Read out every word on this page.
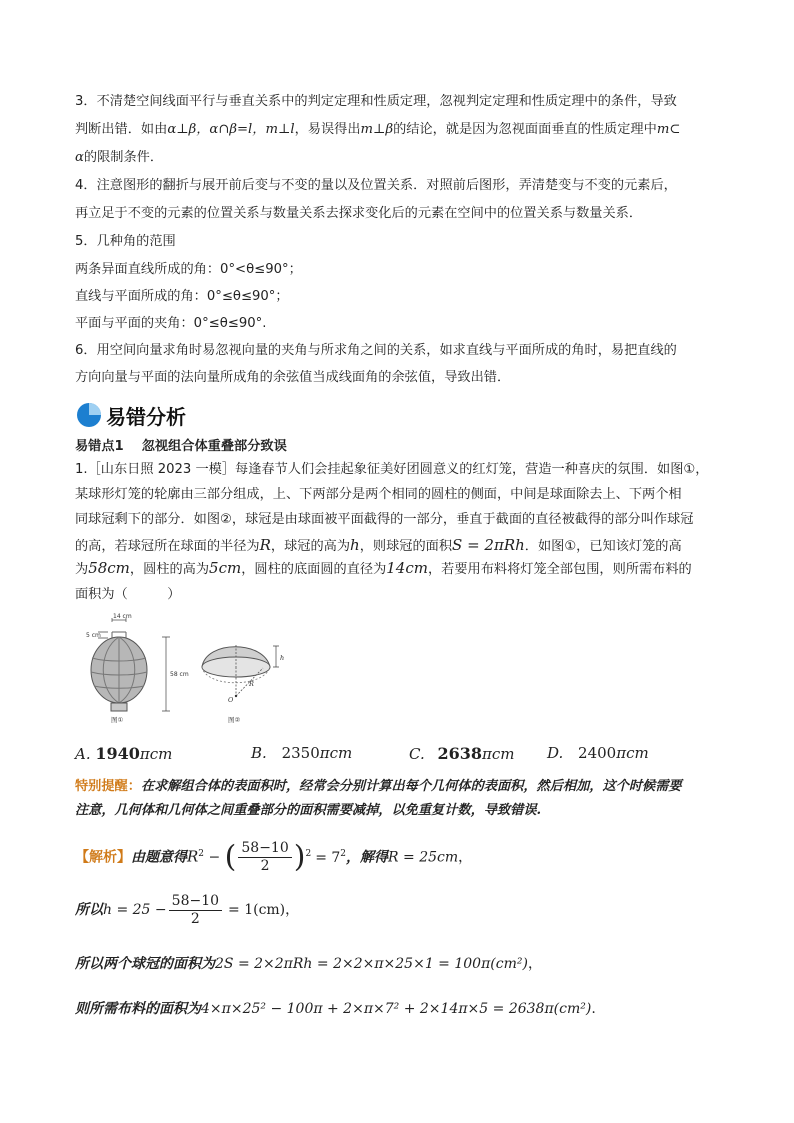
3．不清楚空间线面平行与垂直关系中的判定定理和性质定理，忽视判定定理和性质定理中的条件，导致
判断出错．如由α⊥β，α∩β=l，m⊥l，易误得出m⊥β的结论，就是因为忽视面面垂直的性质定理中m⊂
α的限制条件．
4．注意图形的翻折与展开前后变与不变的量以及位置关系．对照前后图形，弄清楚变与不变的元素后，
再立足于不变的元素的位置关系与数量关系去探求变化后的元素在空间中的位置关系与数量关系．
5．几种角的范围
两条异面直线所成的角：0°<θ≤90°；
直线与平面所成的角：0°≤θ≤90°；
平面与平面的夹角：0°≤θ≤90°.
6．用空间向量求角时易忽视向量的夹角与所求角之间的关系，如求直线与平面所成的角时，易把直线的
方向向量与平面的法向量所成角的余弦值当成线面角的余弦值，导致出错．
易错分析
易错点1 忽视组合体重叠部分致误
1.［山东日照 2023 一模］每逢春节人们会挂起象征美好团圆意义的红灯笼，营造一种喜庆的氛围．如图①，
某球形灯笼的轮廓由三部分组成，上、下两部分是两个相同的圆柱的侧面，中间是球面除去上、下两个相
同球冠剩下的部分．如图②，球冠是由球面被平面截得的一部分，垂直于截面的直径被截得的部分叫作球冠
的高，若球冠所在球面的半径为R，球冠的高为h，则球冠的面积S = 2πRh．如图①，已知该灯笼的高
为58cm，圆柱的高为5cm，圆柱的底面圆的直径为14cm，若要用布料将灯笼全部包围，则所需布料的
面积为（　　　）
14 cm
5 cm
58 cm
图①
h
R
O
图②
A. 1940πcm	B. 2350πcm	C. 2638πcm D. 2400πcm
特别提醒：在求解组合体的表面积时，经常会分别计算出每个几何体的表面积，然后相加，这个时候需要
注意，几何体和几何体之间重叠部分的面积需要减掉，以免重复计数，导致错误.
【解析】由题意得$R^2$ − ( $\frac{58-10}{2} )^2 = 7^2$，解得R = 25cm，
所以$h = 25 - \frac{58-10}{2} = 1(cm)$，
所以两个球冠的面积为2S = 2×2πRh = 2×2×π×25×1 = 100π(cm²)，
则所需布料的面积为4×π×25² − 100π + 2×π×7² + 2×14π×5 = 2638π(cm²).
